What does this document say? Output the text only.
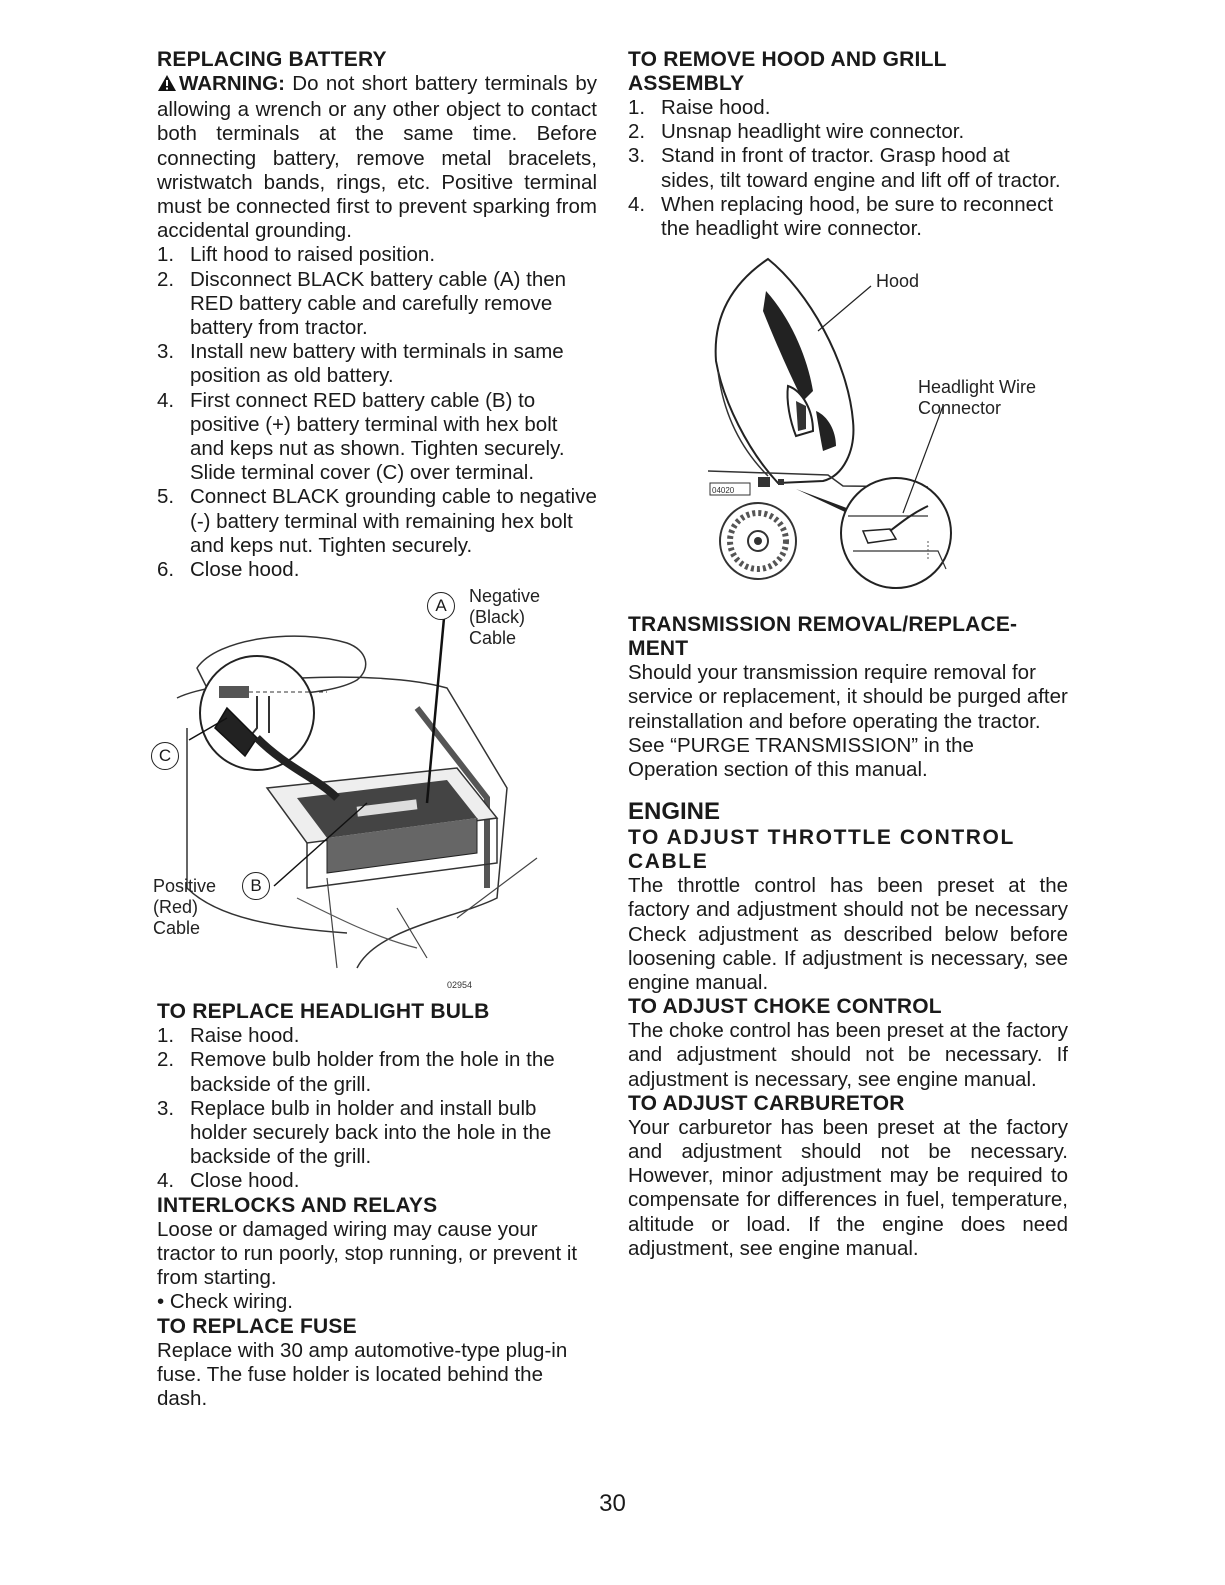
REPLACING BATTERY

WARNING: Do not short battery terminals by allowing a wrench or any other object to contact both terminals at the same time. Before connecting battery, remove metal bracelets, wristwatch bands, rings, etc. Positive terminal must be connected first to prevent sparking from accidental grounding.

1. Lift hood to raised position.
2. Disconnect BLACK battery cable (A) then RED battery cable and carefully remove battery from tractor.
3. Install new battery with terminals in same position as old battery.
4. First connect RED battery cable (B) to positive (+) battery terminal with hex bolt and keps nut as shown. Tighten securely. Slide terminal cover (C) over terminal.
5. Connect BLACK grounding cable to negative (-) battery terminal with remaining hex bolt and keps nut. Tighten securely.
6. Close hood.
02954
A	Negative
(Black)
Cable
C
B
Positive
(Red)
Cable
TO REPLACE HEADLIGHT BULB
1. Raise hood.
2. Remove bulb holder from the hole in the backside of the grill.
3. Replace bulb in holder and install bulb holder securely back into the hole in the backside of the grill.
4. Close hood.
INTERLOCKS AND RELAYS

Loose or damaged wiring may cause your tractor to run poorly, stop running, or prevent it from starting.

• Check wiring.

TO REPLACE FUSE

Replace with 30 amp automotive-type plug-in fuse. The fuse holder is located behind the dash.

TO REMOVE HOOD AND GRILL ASSEMBLY
1. Raise hood.
2. Unsnap headlight wire connector.
3. Stand in front of tractor. Grasp hood at sides, tilt toward engine and lift off of tractor.
4. When replacing hood, be sure to reconnect the headlight wire connector.
04020
Hood
Headlight Wire
Connector
TRANSMISSION REMOVAL/REPLACE-MENT

Should your transmission require removal for service or replacement, it should be purged after reinstallation and before operating the tractor. See “PURGE TRANSMISSION” in the Operation section of this manual.

ENGINE
TO ADJUST THROTTLE CONTROL CABLE

The throttle control has been preset at the factory and adjustment should not be necessary Check adjustment as described below before loosening cable. If adjustment is necessary, see engine manual.

TO ADJUST CHOKE CONTROL

The choke control has been preset at the factory and adjustment should not be necessary. If adjustment is necessary, see engine manual.

TO ADJUST CARBURETOR

Your carburetor has been preset at the factory and adjustment should not be necessary. However, minor adjustment may be required to compensate for differences in fuel, temperature, altitude or load. If the engine does need adjustment, see engine manual.

30
